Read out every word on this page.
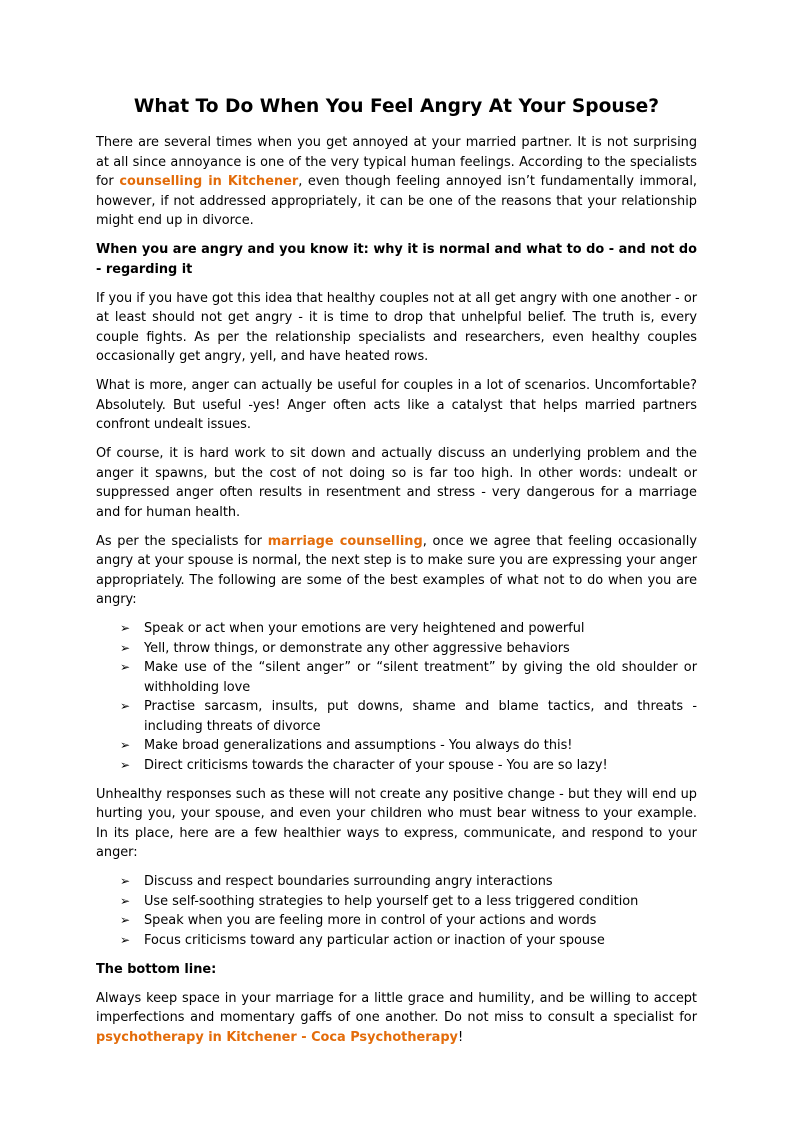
What To Do When You Feel Angry At Your Spouse?

There are several times when you get annoyed at your married partner. It is not surprising at all since annoyance is one of the very typical human feelings. According to the specialists for counselling in Kitchener, even though feeling annoyed isn’t fundamentally immoral, however, if not addressed appropriately, it can be one of the reasons that your relationship might end up in divorce.

When you are angry and you know it: why it is normal and what to do - and not do - regarding it

If you if you have got this idea that healthy couples not at all get angry with one another - or at least should not get angry - it is time to drop that unhelpful belief. The truth is, every couple fights. As per the relationship specialists and researchers, even healthy couples occasionally get angry, yell, and have heated rows.

What is more, anger can actually be useful for couples in a lot of scenarios. Uncomfortable? Absolutely. But useful -yes! Anger often acts like a catalyst that helps married partners confront undealt issues.

Of course, it is hard work to sit down and actually discuss an underlying problem and the anger it spawns, but the cost of not doing so is far too high. In other words: undealt or suppressed anger often results in resentment and stress - very dangerous for a marriage and for human health.

As per the specialists for marriage counselling, once we agree that feeling occasionally angry at your spouse is normal, the next step is to make sure you are expressing your anger appropriately. The following are some of the best examples of what not to do when you are angry:

➢ Speak or act when your emotions are very heightened and powerful
➢ Yell, throw things, or demonstrate any other aggressive behaviors
➢ Make use of the “silent anger” or “silent treatment” by giving the old shoulder or withholding love
➢ Practise sarcasm, insults, put downs, shame and blame tactics, and threats - including threats of divorce
➢ Make broad generalizations and assumptions - You always do this!
➢ Direct criticisms towards the character of your spouse - You are so lazy!

Unhealthy responses such as these will not create any positive change - but they will end up hurting you, your spouse, and even your children who must bear witness to your example. In its place, here are a few healthier ways to express, communicate, and respond to your anger:

➢ Discuss and respect boundaries surrounding angry interactions
➢ Use self-soothing strategies to help yourself get to a less triggered condition
➢ Speak when you are feeling more in control of your actions and words
➢ Focus criticisms toward any particular action or inaction of your spouse

The bottom line:

Always keep space in your marriage for a little grace and humility, and be willing to accept imperfections and momentary gaffs of one another. Do not miss to consult a specialist for psychotherapy in Kitchener - Coca Psychotherapy!
